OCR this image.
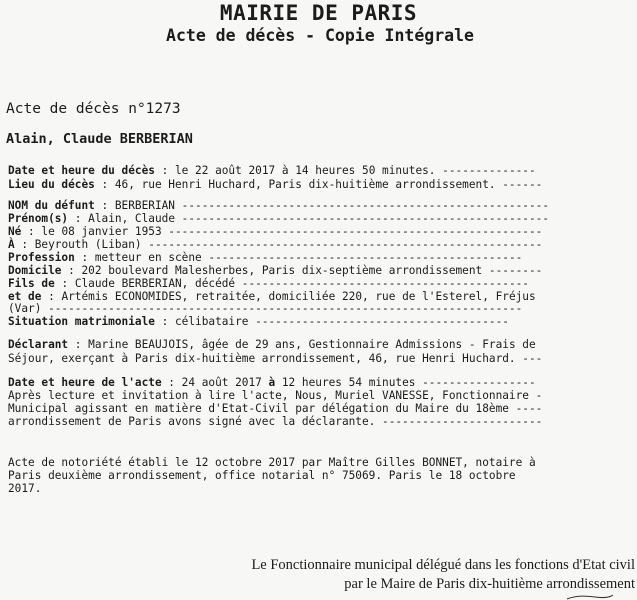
MAIRIE DE PARIS
Acte de décès - Copie Intégrale
Acte de décès n°1273
Alain, Claude BERBERIAN
Date et heure du décès : le 22 août 2017 à 14 heures 50 minutes. --------------
Lieu du décès : 46, rue Henri Huchard, Paris dix-huitième arrondissement. ------
NOM du défunt : BERBERIAN -------------------------------------------------------
Prénom(s) : Alain, Claude -------------------------------------------------------
Né : le 08 janvier 1953 --------------------------------------------------------
À : Beyrouth (Liban) -----------------------------------------------------------
Profession : metteur en scène -----------------------------------------------
Domicile : 202 boulevard Malesherbes, Paris dix-septième arrondissement --------
Fils de : Claude BERBERIAN, décédé -------------------------------------------
et de : Artémis ECONOMIDES, retraitée, domiciliée 220, rue de l'Esterel, Fréjus
(Var) -----------------------------------------------------------------------
Situation matrimoniale : célibataire --------------------------------------
Déclarant : Marine BEAUJOIS, âgée de 29 ans, Gestionnaire Admissions - Frais de
Séjour, exerçant à Paris dix-huitième arrondissement, 46, rue Henri Huchard. ---
Date et heure de l'acte : 24 août 2017 à 12 heures 54 minutes -----------------
Après lecture et invitation à lire l'acte, Nous, Muriel VANESSE, Fonctionnaire -
Municipal agissant en matière d'Etat-Civil par délégation du Maire du 18ème ----
arrondissement de Paris avons signé avec la déclarante. ------------------------
Acte de notoriété établi le 12 octobre 2017 par Maître Gilles BONNET, notaire à
Paris deuxième arrondissement, office notarial n° 75069. Paris le 18 octobre
2017.
Le Fonctionnaire municipal délégué dans les fonctions d'Etat civil
par le Maire de Paris dix-huitième arrondissement
